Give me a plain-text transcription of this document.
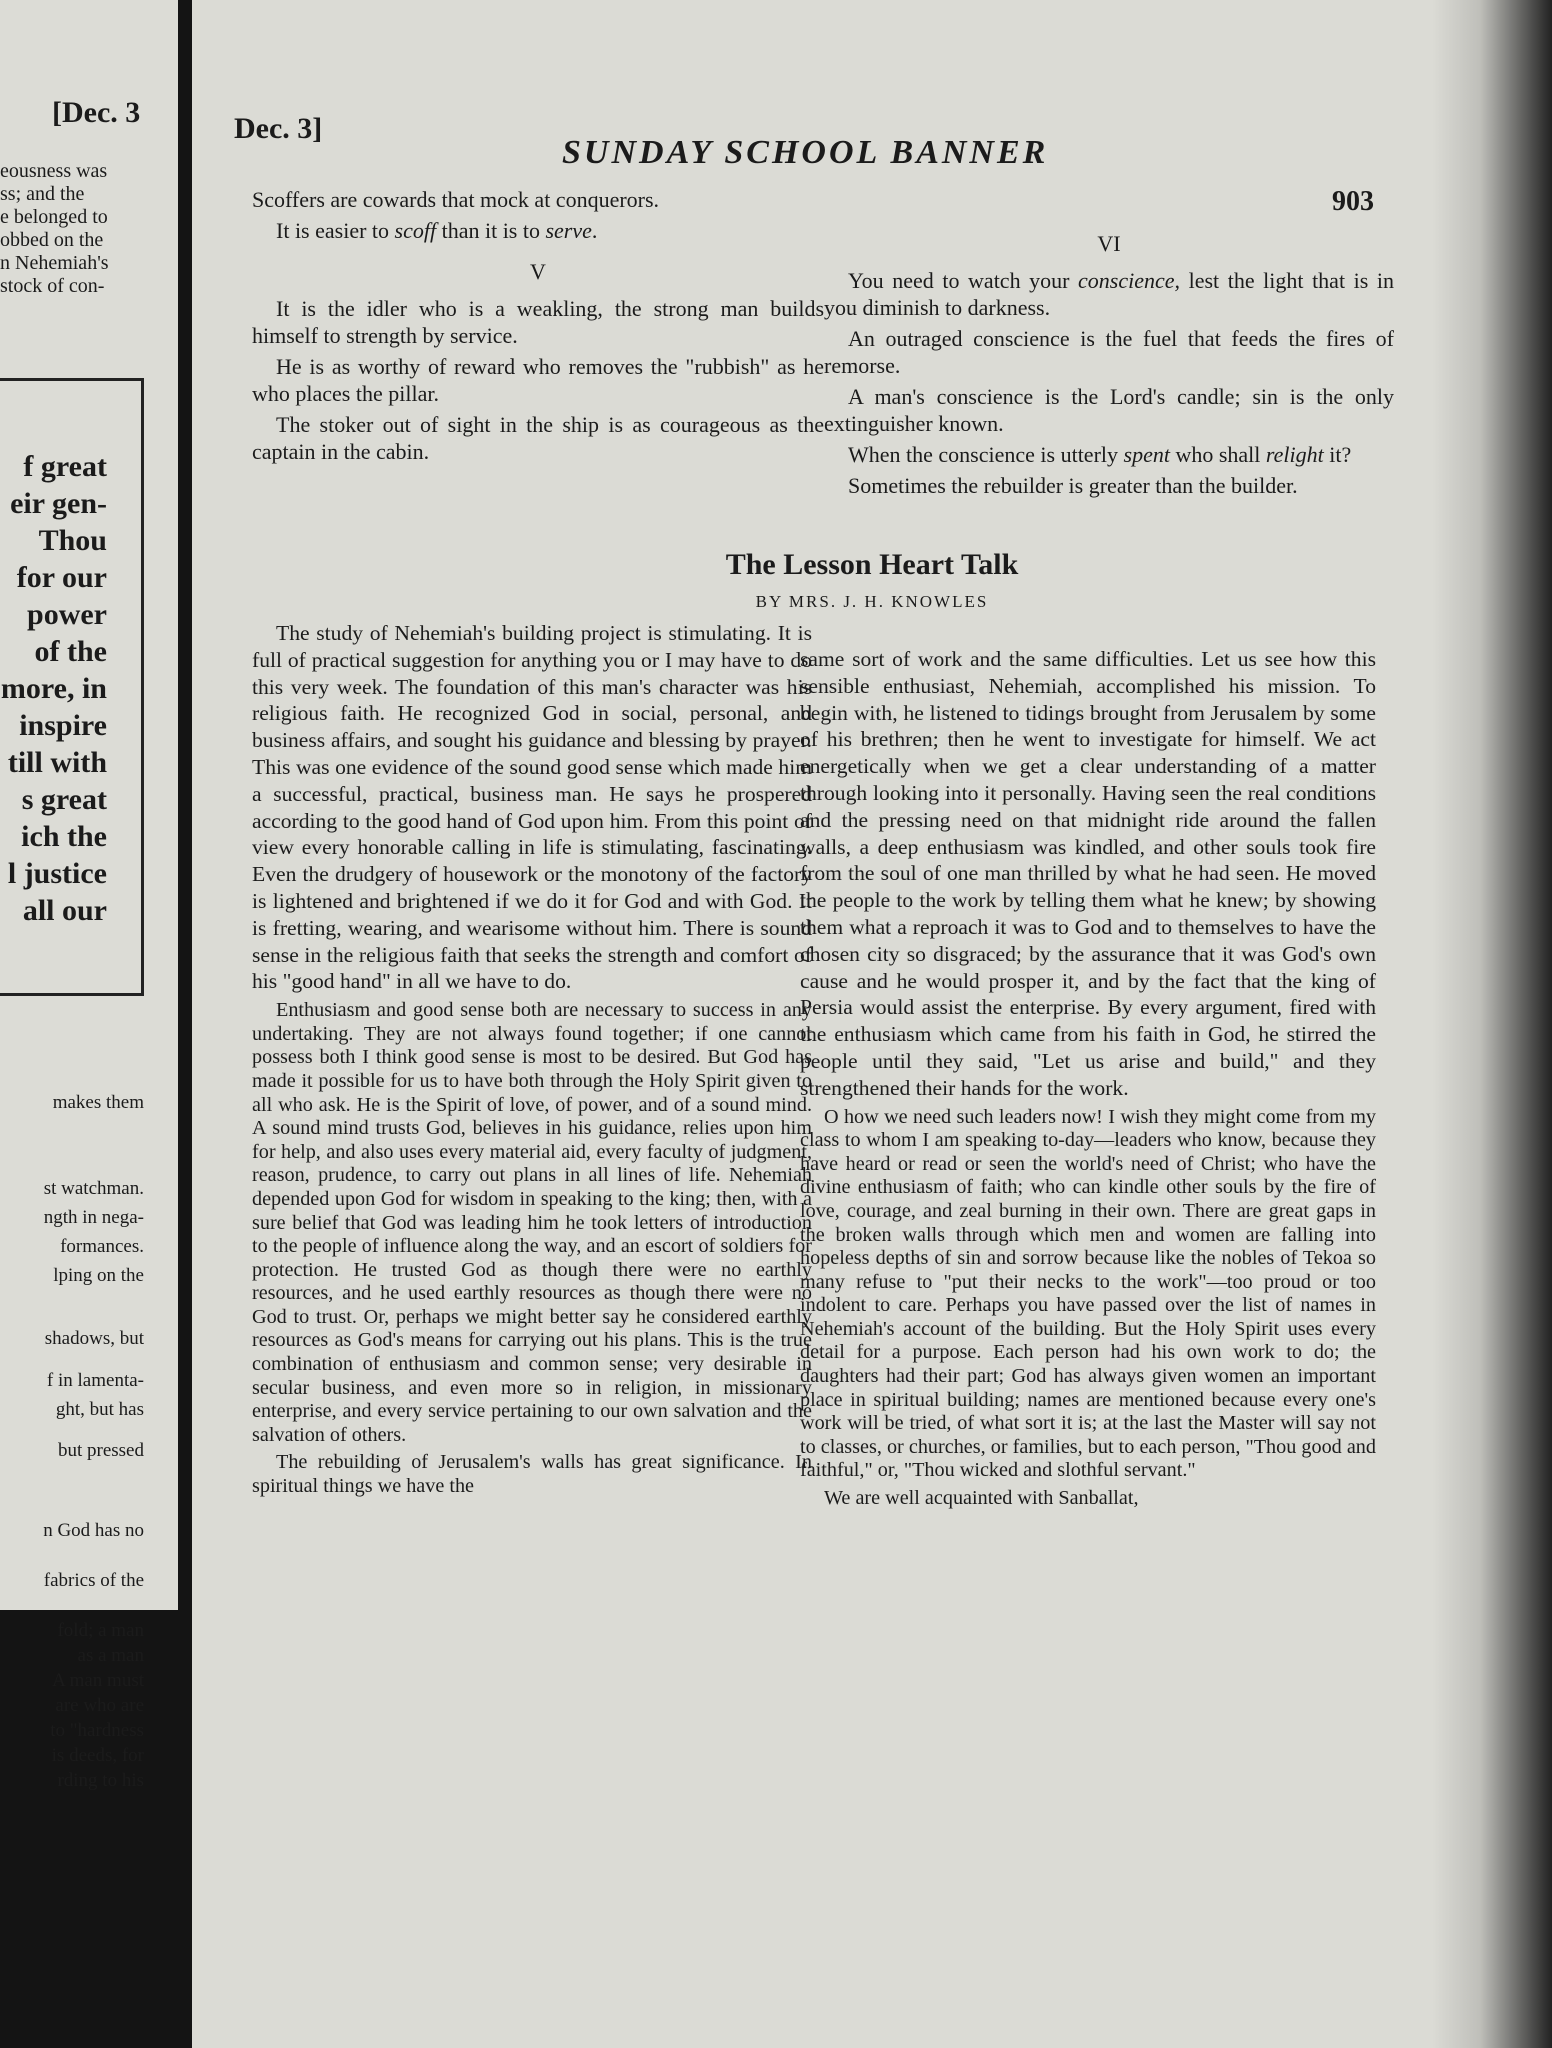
[Dec. 3
eousness was
ss; and the
e belonged to
obbed on the
n Nehemiah's
stock of con-
f great
eir gen-
Thou
for our
power
of the
more, in
inspire
till with
s great
ich the
l justice
all our
makes them
st watchman.
ngth in nega-
formances.
lping on the
shadows, but
f in lamenta-
ght, but has
but pressed
n God has no
fabrics of the
fold; a man
as a man
A man must
are who are
to "hardness
is deeds, for
rding to his
Dec. 3]
SUNDAY SCHOOL BANNER
903

Scoffers are cowards that mock at conquerors.

It is easier to scoff than it is to serve.

V

It is the idler who is a weakling, the strong man builds himself to strength by service.

He is as worthy of reward who removes the "rubbish" as he who places the pillar.

The stoker out of sight in the ship is as courageous as the captain in the cabin.

VI

You need to watch your conscience, lest the light that is in you diminish to darkness.

An outraged conscience is the fuel that feeds the fires of remorse.

A man's conscience is the Lord's candle; sin is the only extinguisher known.

When the conscience is utterly spent who shall relight it?

Sometimes the rebuilder is greater than the builder.

The Lesson Heart Talk
BY MRS. J. H. KNOWLES

The study of Nehemiah's building project is stimulating. It is full of practical suggestion for anything you or I may have to do this very week. The foundation of this man's character was his religious faith. He recognized God in social, personal, and business affairs, and sought his guidance and blessing by prayer. This was one evidence of the sound good sense which made him a successful, practical, business man. He says he prospered according to the good hand of God upon him. From this point of view every honorable calling in life is stimulating, fascinating. Even the drudgery of housework or the monotony of the factory is lightened and brightened if we do it for God and with God. It is fretting, wearing, and wearisome without him. There is sound sense in the religious faith that seeks the strength and comfort of his "good hand" in all we have to do.

Enthusiasm and good sense both are necessary to success in any undertaking. They are not always found together; if one cannot possess both I think good sense is most to be desired. But God has made it possible for us to have both through the Holy Spirit given to all who ask. He is the Spirit of love, of power, and of a sound mind. A sound mind trusts God, believes in his guidance, relies upon him for help, and also uses every material aid, every faculty of judgment, reason, prudence, to carry out plans in all lines of life. Nehemiah depended upon God for wisdom in speaking to the king; then, with a sure belief that God was leading him he took letters of introduction to the people of influence along the way, and an escort of soldiers for protection. He trusted God as though there were no earthly resources, and he used earthly resources as though there were no God to trust. Or, perhaps we might better say he considered earthly resources as God's means for carrying out his plans. This is the true combination of enthusiasm and common sense; very desirable in secular business, and even more so in religion, in missionary enterprise, and every service pertaining to our own salvation and the salvation of others.

The rebuilding of Jerusalem's walls has great significance. In spiritual things we have the

same sort of work and the same difficulties. Let us see how this sensible enthusiast, Nehemiah, accomplished his mission. To begin with, he listened to tidings brought from Jerusalem by some of his brethren; then he went to investigate for himself. We act energetically when we get a clear understanding of a matter through looking into it personally. Having seen the real conditions and the pressing need on that midnight ride around the fallen walls, a deep enthusiasm was kindled, and other souls took fire from the soul of one man thrilled by what he had seen. He moved the people to the work by telling them what he knew; by showing them what a reproach it was to God and to themselves to have the chosen city so disgraced; by the assurance that it was God's own cause and he would prosper it, and by the fact that the king of Persia would assist the enterprise. By every argument, fired with the enthusiasm which came from his faith in God, he stirred the people until they said, "Let us arise and build," and they strengthened their hands for the work.

O how we need such leaders now! I wish they might come from my class to whom I am speaking to-day—leaders who know, because they have heard or read or seen the world's need of Christ; who have the divine enthusiasm of faith; who can kindle other souls by the fire of love, courage, and zeal burning in their own. There are great gaps in the broken walls through which men and women are falling into hopeless depths of sin and sorrow because like the nobles of Tekoa so many refuse to "put their necks to the work"—too proud or too indolent to care. Perhaps you have passed over the list of names in Nehemiah's account of the building. But the Holy Spirit uses every detail for a purpose. Each person had his own work to do; the daughters had their part; God has always given women an important place in spiritual building; names are mentioned because every one's work will be tried, of what sort it is; at the last the Master will say not to classes, or churches, or families, but to each person, "Thou good and faithful," or, "Thou wicked and slothful servant."

We are well acquainted with Sanballat,
